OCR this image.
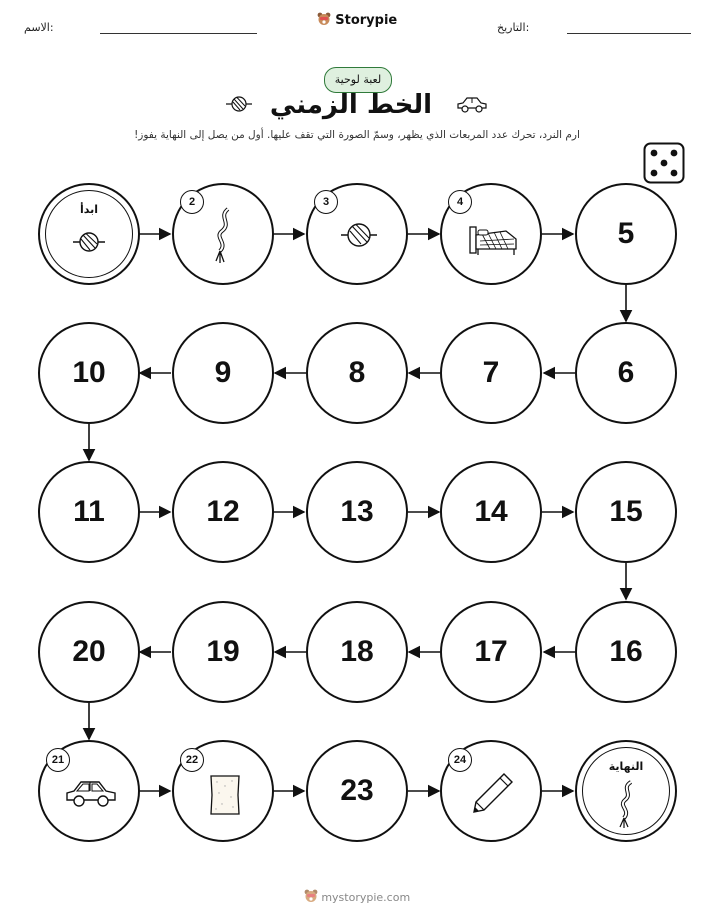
الاسم:	Storypie	التاريخ:
لعبة لوحية
الخط الزمني
ارم النرد، تحرك عدد المربعات الذي يظهر، وسمّ الصورة التي تقف عليها. أول من يصل إلى النهاية يفوز!
ابدأ
2	3	4
5
10	9	8	7	6
11	12	13	14	15
20	19	18	17	16
21	22
23
24	النهاية
mystorypie.com
